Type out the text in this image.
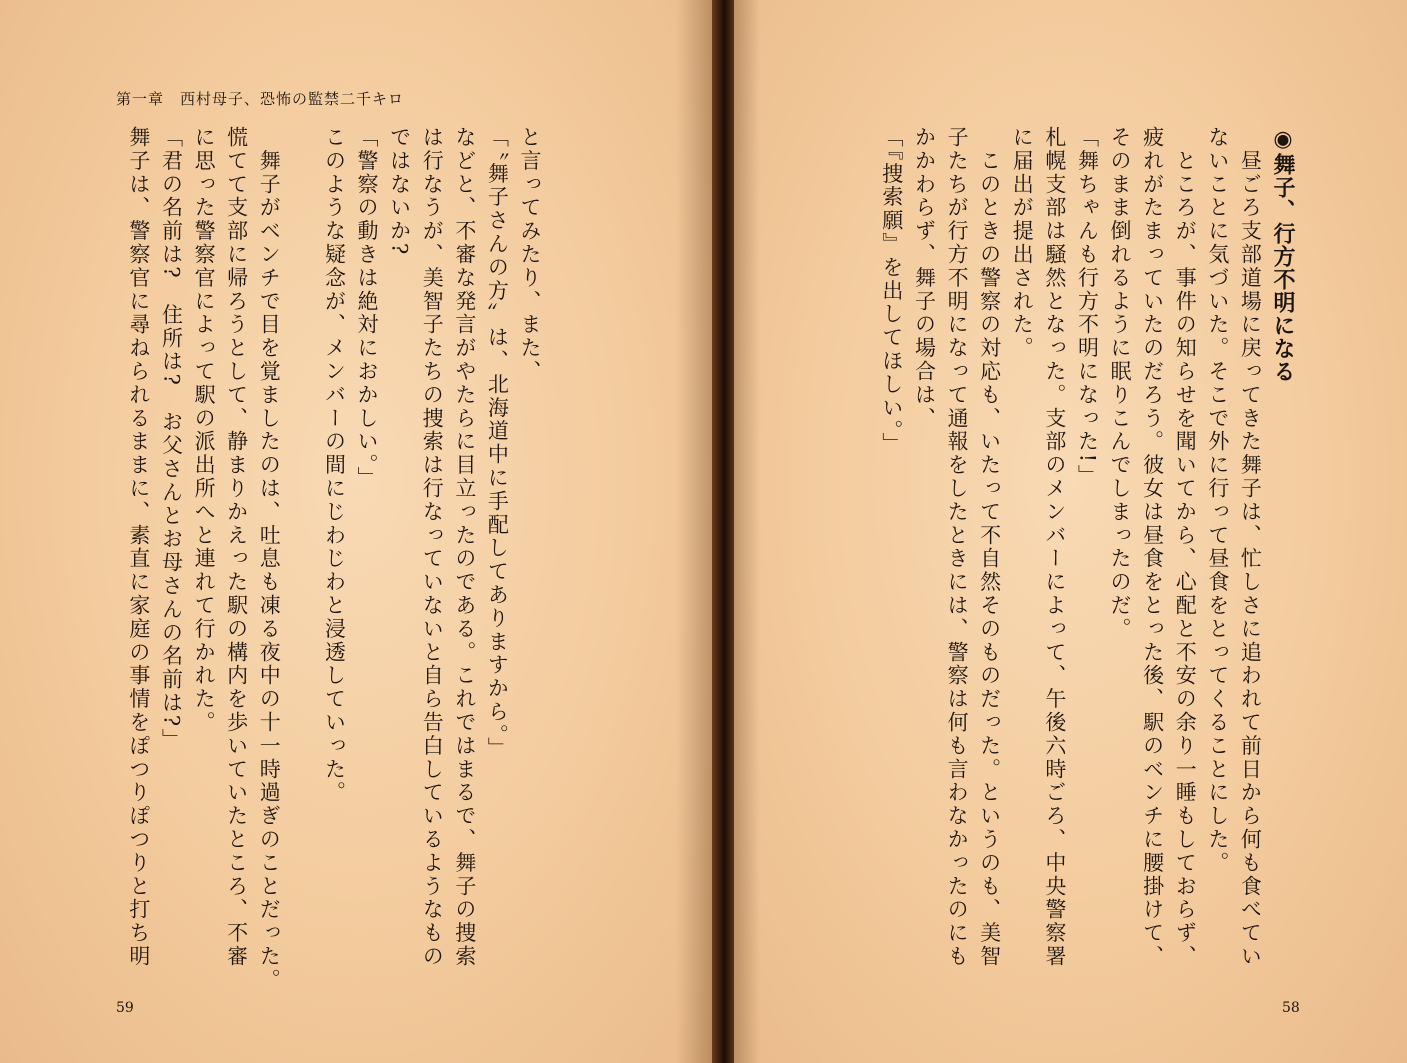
第一章　西村母子、恐怖の監禁二千キロ

と言ってみたり、また、

「〝舞子さんの方〟は、北海道中に手配してありますから。」

などと、不審な発言がやたらに目立ったのである。これではまるで、舞子の捜索

は行なうが、美智子たちの捜索は行なっていないと自ら告白しているようなもの

ではないか?

「警察の動きは絶対におかしい。」

このような疑念が、メンバーの間にじわじわと浸透していった。

　舞子がベンチで目を覚ましたのは、吐息も凍る夜中の十一時過ぎのことだった。

慌てて支部に帰ろうとして、静まりかえった駅の構内を歩いていたところ、不審

に思った警察官によって駅の派出所へと連れて行かれた。

「君の名前は?　住所は?　お父さんとお母さんの名前は?」

舞子は、警察官に尋ねられるままに、素直に家庭の事情をぽつりぽつりと打ち明	◉舞子、行方不明になる

　昼ごろ支部道場に戻ってきた舞子は、忙しさに追われて前日から何も食べてい

ないことに気づいた。そこで外に行って昼食をとってくることにした。

　ところが、事件の知らせを聞いてから、心配と不安の余り一睡もしておらず、

疲れがたまっていたのだろう。彼女は昼食をとった後、駅のベンチに腰掛けて、

そのまま倒れるように眠りこんでしまったのだ。

「舞ちゃんも行方不明になった!」

札幌支部は騒然となった。支部のメンバーによって、午後六時ごろ、中央警察署

に届出が提出された。

　このときの警察の対応も、いたって不自然そのものだった。というのも、美智

子たちが行方不明になって通報をしたときには、警察は何も言わなかったのにも

かかわらず、舞子の場合は、

「『捜索願』を出してほしい。」

59	58
